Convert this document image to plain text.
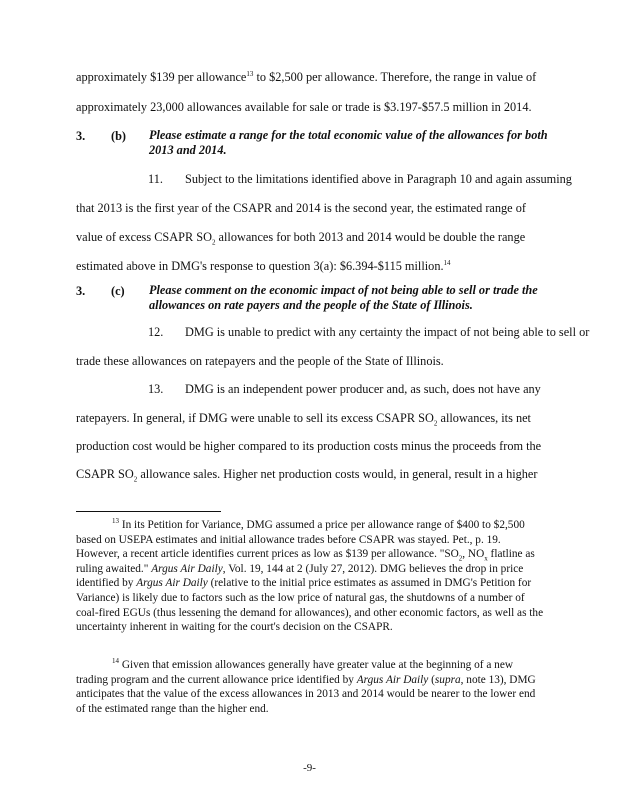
approximately $139 per allowance$^{13}$ to $2,500 per allowance. Therefore, the range in value of
approximately 23,000 allowances available for sale or trade is $3.197-$57.5 million in 2014.
3. (b) Please estimate a range for the total economic value of the allowances for both 2013 and 2014.
11. Subject to the limitations identified above in Paragraph 10 and again assuming
that 2013 is the first year of the CSAPR and 2014 is the second year, the estimated range of
value of excess CSAPR $SO_2$ allowances for both 2013 and 2014 would be double the range
estimated above in DMG's response to question 3(a): $6.394-$115 million.$^{14}$
3. (c) Please comment on the economic impact of not being able to sell or trade the allowances on rate payers and the people of the State of Illinois.
12. DMG is unable to predict with any certainty the impact of not being able to sell or
trade these allowances on ratepayers and the people of the State of Illinois.
13. DMG is an independent power producer and, as such, does not have any
ratepayers. In general, if DMG were unable to sell its excess CSAPR $SO_2$ allowances, its net
production cost would be higher compared to its production costs minus the proceeds from the
CSAPR $SO_2$ allowance sales. Higher net production costs would, in general, result in a higher

$^{13}$ In its Petition for Variance, DMG assumed a price per allowance range of $400 to $2,500 based on USEPA estimates and initial allowance trades before CSAPR was stayed. Pet., p. 19. However, a recent article identifies current prices as low as $139 per allowance. "$SO_2$, $NO_x$ flatline as ruling awaited." Argus Air Daily, Vol. 19, 144 at 2 (July 27, 2012). DMG believes the drop in price identified by Argus Air Daily (relative to the initial price estimates as assumed in DMG's Petition for Variance) is likely due to factors such as the low price of natural gas, the shutdowns of a number of coal-fired EGUs (thus lessening the demand for allowances), and other economic factors, as well as the uncertainty inherent in waiting for the court's decision on the CSAPR.

$^{14}$ Given that emission allowances generally have greater value at the beginning of a new trading program and the current allowance price identified by Argus Air Daily (supra, note 13), DMG anticipates that the value of the excess allowances in 2013 and 2014 would be nearer to the lower end of the estimated range than the higher end.

-9-
